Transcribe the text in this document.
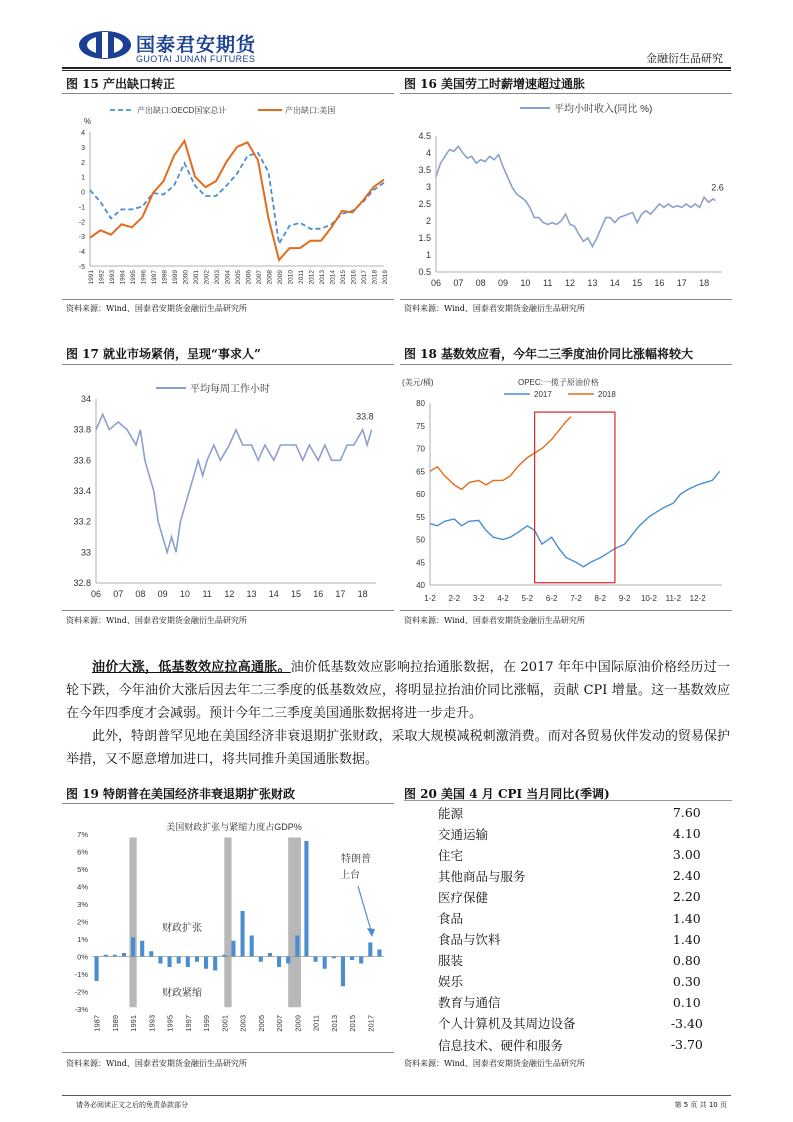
国泰君安期货
GUOTAI JUNAN FUTURES	金融衍生品研究
图 15 产出缺口转正
4
3
2
1
0
-1
-2
-3
-4
-5
%
1991 1992 1993 1994 1995 1996 1997 1998 1999 2000 2001 2002 2003 2004 2005 2006 2007 2008 2009 2010 2011 2012 2013 2014 2015 2016 2017 2018 2019
产出缺口:OECD国家总计	产出缺口:美国
资料来源：Wind、国泰君安期货金融衍生品研究所
图 16 美国劳工时薪增速超过通胀
4.5
4
3.5
3
2.5
2
1.5
1
0.5
06 07 08 09 10 11 12 13 14 15 16 17 18
平均小时收入(同比 %)
2.6
资料来源：Wind、国泰君安期货金融衍生品研究所
图 17 就业市场紧俏，呈现“事求人”
34
33.8
33.6
33.4
33.2
33
32.8
06 07 08 09 10 11 12 13 14 15 16 17 18
平均每周工作小时
33.8
资料来源：Wind、国泰君安期货金融衍生品研究所
图 18 基数效应看，今年二三季度油价同比涨幅将较大
80
75
70
65
60
55
50
45
40
(美元/桶)	OPEC:一揽子原油价格
2017	2018
1-2 2-2 3-2 4-2 5-2 6-2 7-2 8-2 9-2 10-2 11-2 12-2
资料来源：Wind、国泰君安期货金融衍生品研究所
油价大涨，低基数效应拉高通胀。油价低基数效应影响拉抬通胀数据，在 2017 年年中国际原油价格经历过一轮下跌，今年油价大涨后因去年二三季度的低基数效应，将明显拉抬油价同比涨幅，贡献 CPI 增量。这一基数效应在今年四季度才会减弱。预计今年二三季度美国通胀数据将进一步走升。
此外，特朗普罕见地在美国经济非衰退期扩张财政，采取大规模减税刺激消费。而对各贸易伙伴发动的贸易保护举措，又不愿意增加进口，将共同推升美国通胀数据。
图 19 特朗普在美国经济非衰退期扩张财政
7%
6%
5%
4%
3%
2%
1%
0%
-1%
-2%
-3%
1987 1989 1991 1993 1995 1997 1999 2001 2003 2005 2007 2009 2011 2013 2015 2017
美国财政扩张与紧缩力度占GDP%
财政扩张
财政紧缩
特朗普
上台
资料来源：Wind、国泰君安期货金融衍生品研究所
图 20 美国 4 月 CPI 当月同比(季调)
能源	7.60
交通运输	4.10
住宅	3.00
其他商品与服务	2.40
医疗保健	2.20
食品	1.40
食品与饮料	1.40
服装	0.80
娱乐	0.30
教育与通信	0.10
个人计算机及其周边设备	-3.40
信息技术、硬件和服务	-3.70
资料来源：Wind、国泰君安期货金融衍生品研究所
请务必阅读正文之后的免责条款部分	第 5 页 共 10 页
